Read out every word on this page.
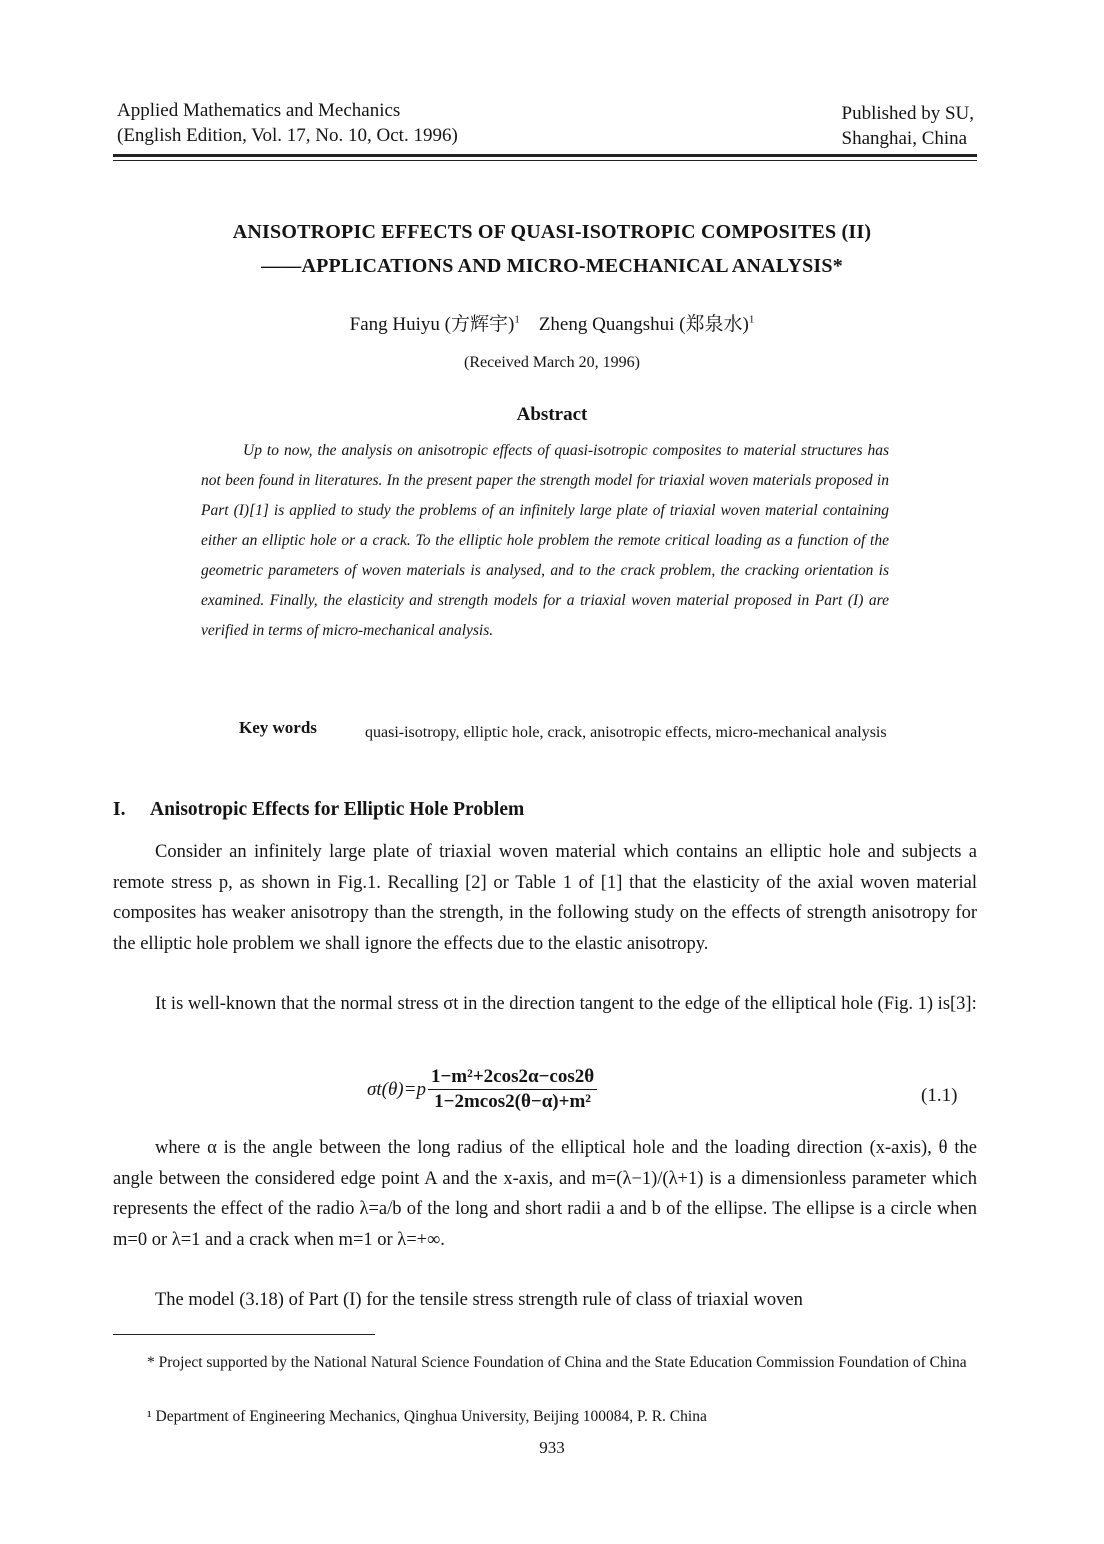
Applied Mathematics and Mechanics
(English Edition, Vol. 17, No. 10, Oct. 1996)
Published by SU,
Shanghai, China
ANISOTROPIC EFFECTS OF QUASI-ISOTROPIC COMPOSITES (II)
——APPLICATIONS AND MICRO-MECHANICAL ANALYSIS*
Fang Huiyu (方辉宇)$^1$ Zheng Quangshui (郑泉水)$^1$
(Received March 20, 1996)
Abstract
Up to now, the analysis on anisotropic effects of quasi-isotropic composites to material structures has not been found in literatures. In the present paper the strength model for triaxial woven materials proposed in Part (I)[1] is applied to study the problems of an infinitely large plate of triaxial woven material containing either an elliptic hole or a crack. To the elliptic hole problem the remote critical loading as a function of the geometric parameters of woven materials is analysed, and to the crack problem, the cracking orientation is examined. Finally, the elasticity and strength models for a triaxial woven material proposed in Part (I) are verified in terms of micro-mechanical analysis.
Key words	quasi-isotropy, elliptic hole, crack, anisotropic effects, micro-mechanical analysis
I. Anisotropic Effects for Elliptic Hole Problem

Consider an infinitely large plate of triaxial woven material which contains an elliptic hole and subjects a remote stress p, as shown in Fig.1. Recalling [2] or Table 1 of [1] that the elasticity of the axial woven material composites has weaker anisotropy than the strength, in the following study on the effects of strength anisotropy for the elliptic hole problem we shall ignore the effects due to the elastic anisotropy.

It is well-known that the normal stress σt in the direction tangent to the edge of the elliptical hole (Fig. 1) is[3]:

$\sigma t(\theta)=p \frac{\text{1−m²+2cos2α−cos2θ}}{\text{1−2mcos2(θ−α)+m²}}$	(1.1)

where α is the angle between the long radius of the elliptical hole and the loading direction (x-axis), θ the angle between the considered edge point A and the x-axis, and m=(λ−1)/(λ+1) is a dimensionless parameter which represents the effect of the radio λ=a/b of the long and short radii a and b of the ellipse. The ellipse is a circle when m=0 or λ=1 and a crack when m=1 or λ=+∞.

The model (3.18) of Part (I) for the tensile stress strength rule of class of triaxial woven

* Project supported by the National Natural Science Foundation of China and the State Education Commission Foundation of China
¹ Department of Engineering Mechanics, Qinghua University, Beijing 100084, P. R. China
933
